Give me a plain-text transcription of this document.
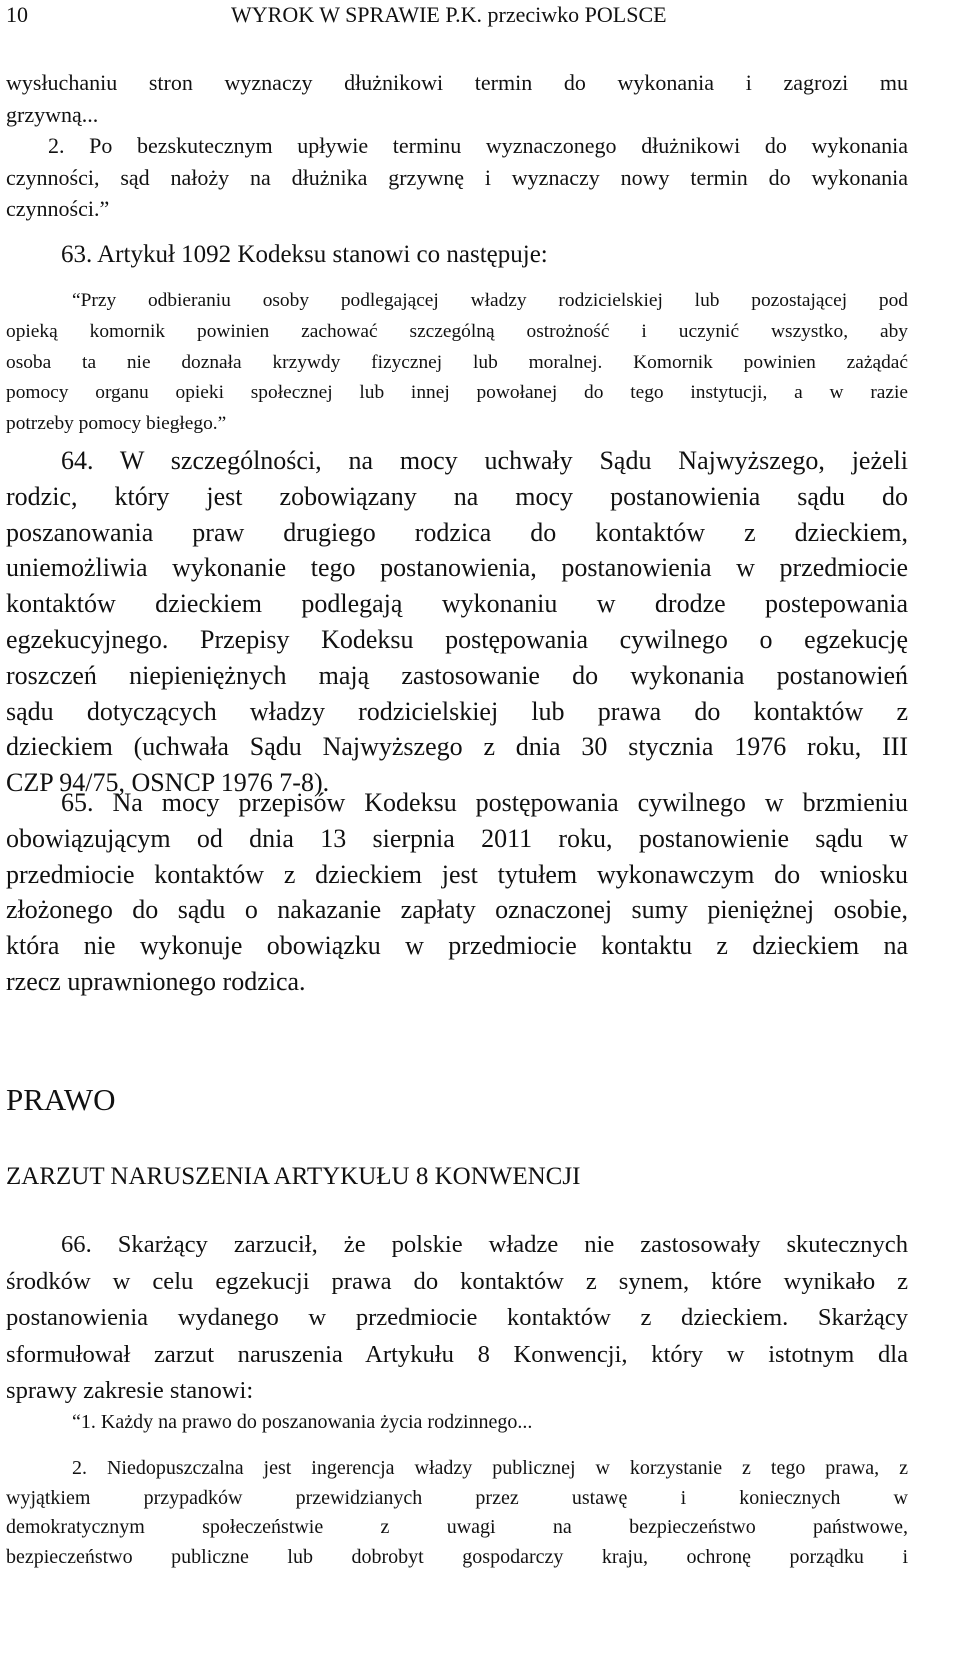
10	WYROK W SPRAWIE P.K. przeciwko POLSCE
wysłuchaniu stron wyznaczy dłużnikowi termin do wykonania i zagrozi mu
grzywną...
2. Po bezskutecznym upływie terminu wyznaczonego dłużnikowi do wykonania
czynności, sąd nałoży na dłużnika grzywnę i wyznaczy nowy termin do wykonania
czynności.”
63. Artykuł 1092 Kodeksu stanowi co następuje:
“Przy odbieraniu osoby podlegającej władzy rodzicielskiej lub pozostającej pod
opieką komornik powinien zachować szczególną ostrożność i uczynić wszystko, aby
osoba ta nie doznała krzywdy fizycznej lub moralnej. Komornik powinien zażądać
pomocy organu opieki społecznej lub innej powołanej do tego instytucji, a w razie
potrzeby pomocy biegłego.”
64. W szczególności, na mocy uchwały Sądu Najwyższego, jeżeli
rodzic, który jest zobowiązany na mocy postanowienia sądu do
poszanowania praw drugiego rodzica do kontaktów z dzieckiem,
uniemożliwia wykonanie tego postanowienia, postanowienia w przedmiocie
kontaktów dzieckiem podlegają wykonaniu w drodze postepowania
egzekucyjnego. Przepisy Kodeksu postępowania cywilnego o egzekucję
roszczeń niepieniężnych mają zastosowanie do wykonania postanowień
sądu dotyczących władzy rodzicielskiej lub prawa do kontaktów z
dzieckiem (uchwała Sądu Najwyższego z dnia 30 stycznia 1976 roku, III
CZP 94/75, OSNCP 1976 7-8).
65. Na mocy przepisów Kodeksu postępowania cywilnego w brzmieniu
obowiązującym od dnia 13 sierpnia 2011 roku, postanowienie sądu w
przedmiocie kontaktów z dzieckiem jest tytułem wykonawczym do wniosku
złożonego do sądu o nakazanie zapłaty oznaczonej sumy pieniężnej osobie,
która nie wykonuje obowiązku w przedmiocie kontaktu z dzieckiem na
rzecz uprawnionego rodzica.
PRAWO
ZARZUT NARUSZENIA ARTYKUŁU 8 KONWENCJI
66. Skarżący zarzucił, że polskie władze nie zastosowały skutecznych
środków w celu egzekucji prawa do kontaktów z synem, które wynikało z
postanowienia wydanego w przedmiocie kontaktów z dzieckiem. Skarżący
sformułował zarzut naruszenia Artykułu 8 Konwencji, który w istotnym dla
sprawy zakresie stanowi:
“1. Każdy na prawo do poszanowania życia rodzinnego...
2. Niedopuszczalna jest ingerencja władzy publicznej w korzystanie z tego prawa, z
wyjątkiem przypadków przewidzianych przez ustawę i koniecznych w
demokratycznym społeczeństwie z uwagi na bezpieczeństwo państwowe,
bezpieczeństwo publiczne lub dobrobyt gospodarczy kraju, ochronę porządku i
